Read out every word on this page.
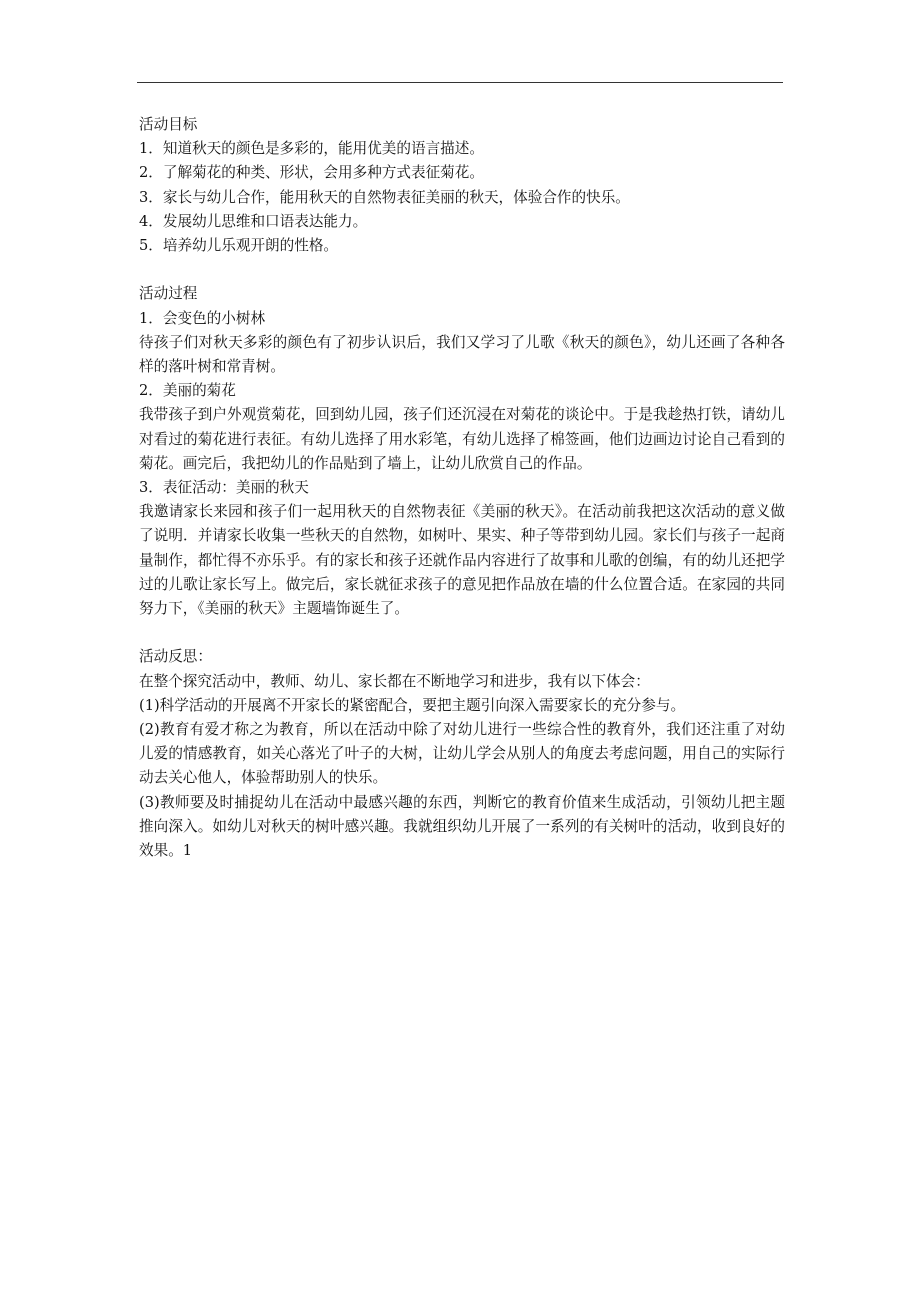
活动目标

1．知道秋天的颜色是多彩的，能用优美的语言描述。

2．了解菊花的种类、形状，会用多种方式表征菊花。

3．家长与幼儿合作，能用秋天的自然物表征美丽的秋天，体验合作的快乐。

4．发展幼儿思维和口语表达能力。

5．培养幼儿乐观开朗的性格。

活动过程

1．会变色的小树林

待孩子们对秋天多彩的颜色有了初步认识后，我们又学习了儿歌《秋天的颜色》，幼儿还画了各种各样的落叶树和常青树。

2．美丽的菊花

我带孩子到户外观赏菊花，回到幼儿园，孩子们还沉浸在对菊花的谈论中。于是我趁热打铁，请幼儿对看过的菊花进行表征。有幼儿选择了用水彩笔，有幼儿选择了棉签画，他们边画边讨论自己看到的菊花。画完后，我把幼儿的作品贴到了墙上，让幼儿欣赏自己的作品。

3．表征活动：美丽的秋天

我邀请家长来园和孩子们一起用秋天的自然物表征《美丽的秋天》。在活动前我把这次活动的意义做了说明．并请家长收集一些秋天的自然物，如树叶、果实、种子等带到幼儿园。家长们与孩子一起商量制作，都忙得不亦乐乎。有的家长和孩子还就作品内容进行了故事和儿歌的创编，有的幼儿还把学过的儿歌让家长写上。做完后，家长就征求孩子的意见把作品放在墙的什么位置合适。在家园的共同努力下，《美丽的秋天》主题墙饰诞生了。

活动反思：

在整个探究活动中，教师、幼儿、家长都在不断地学习和进步，我有以下体会：

(1)科学活动的开展离不开家长的紧密配合，要把主题引向深入需要家长的充分参与。

(2)教育有爱才称之为教育，所以在活动中除了对幼儿进行一些综合性的教育外，我们还注重了对幼儿爱的情感教育，如关心落光了叶子的大树，让幼儿学会从别人的角度去考虑问题，用自己的实际行动去关心他人，体验帮助别人的快乐。

(3)教师要及时捕捉幼儿在活动中最感兴趣的东西，判断它的教育价值来生成活动，引领幼儿把主题推向深入。如幼儿对秋天的树叶感兴趣。我就组织幼儿开展了一系列的有关树叶的活动，收到良好的效果。1
